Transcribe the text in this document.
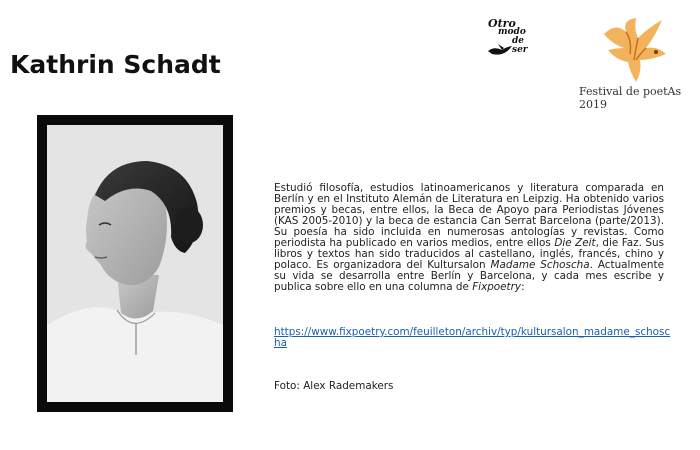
Kathrin Schadt
Otro
modo
de ser
Festival de poetAs 2019
Estudió filosofía, estudios latinoamericanos y literatura comparada en Berlín y en el Instituto Alemán de Literatura en Leipzig. Ha obtenido varios premios y becas, entre ellos, la Beca de Apoyo para Periodistas Jóvenes (KAS 2005-2010) y la beca de estancia Can Serrat Barcelona (parte/2013). Su poesía ha sido incluida en numerosas antologías y revistas. Como periodista ha publicado en varios medios, entre ellos Die Zeit, die Faz. Sus libros y textos han sido traducidos al castellano, inglés, francés, chino y polaco. Es organizadora del Kultursalon Madame Schoscha. Actualmente su vida se desarrolla entre Berlín y Barcelona, y cada mes escribe y publica sobre ello en una columna de Fixpoetry:
https://www.fixpoetry.com/feuilleton/archiv/typ/kultursalon_madame_schoscha
Foto: Alex Rademakers
